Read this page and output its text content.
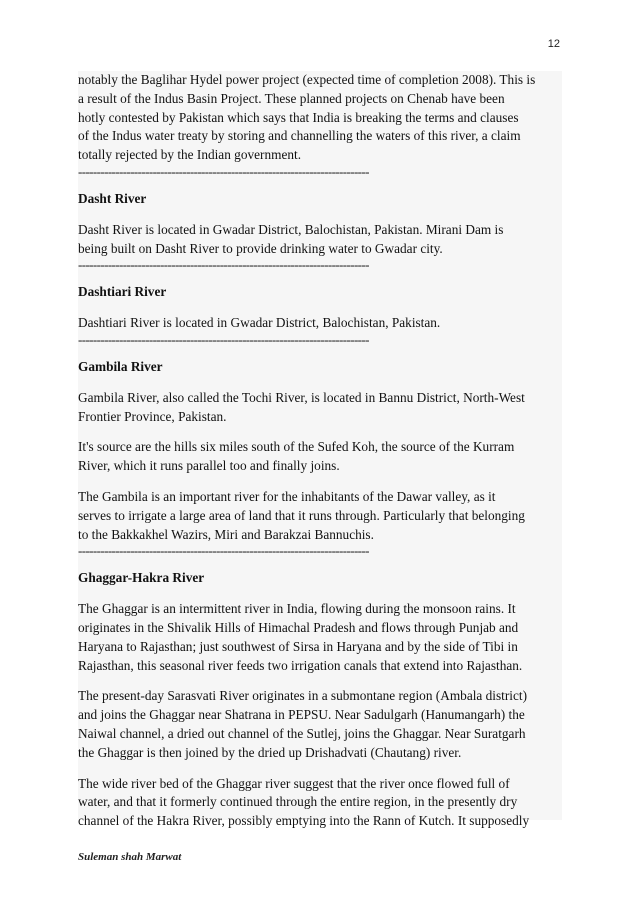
12

notably the Baglihar Hydel power project (expected time of completion 2008). This is
a result of the Indus Basin Project. These planned projects on Chenab have been
hotly contested by Pakistan which says that India is breaking the terms and clauses
of the Indus water treaty by storing and channelling the waters of this river, a claim
totally rejected by the Indian government.

------------------------------------------------------------------------------

Dasht River

Dasht River is located in Gwadar District, Balochistan, Pakistan. Mirani Dam is
being built on Dasht River to provide drinking water to Gwadar city.

------------------------------------------------------------------------------

Dashtiari River

Dashtiari River is located in Gwadar District, Balochistan, Pakistan.

------------------------------------------------------------------------------

Gambila River

Gambila River, also called the Tochi River, is located in Bannu District, North-West
Frontier Province, Pakistan.

It's source are the hills six miles south of the Sufed Koh, the source of the Kurram
River, which it runs parallel too and finally joins.

The Gambila is an important river for the inhabitants of the Dawar valley, as it
serves to irrigate a large area of land that it runs through. Particularly that belonging
to the Bakkakhel Wazirs, Miri and Barakzai Bannuchis.

------------------------------------------------------------------------------

Ghaggar-Hakra River

The Ghaggar is an intermittent river in India, flowing during the monsoon rains. It
originates in the Shivalik Hills of Himachal Pradesh and flows through Punjab and
Haryana to Rajasthan; just southwest of Sirsa in Haryana and by the side of Tibi in
Rajasthan, this seasonal river feeds two irrigation canals that extend into Rajasthan.

The present-day Sarasvati River originates in a submontane region (Ambala district)
and joins the Ghaggar near Shatrana in PEPSU. Near Sadulgarh (Hanumangarh) the
Naiwal channel, a dried out channel of the Sutlej, joins the Ghaggar. Near Suratgarh
the Ghaggar is then joined by the dried up Drishadvati (Chautang) river.

The wide river bed of the Ghaggar river suggest that the river once flowed full of
water, and that it formerly continued through the entire region, in the presently dry
channel of the Hakra River, possibly emptying into the Rann of Kutch. It supposedly

Suleman shah Marwat
